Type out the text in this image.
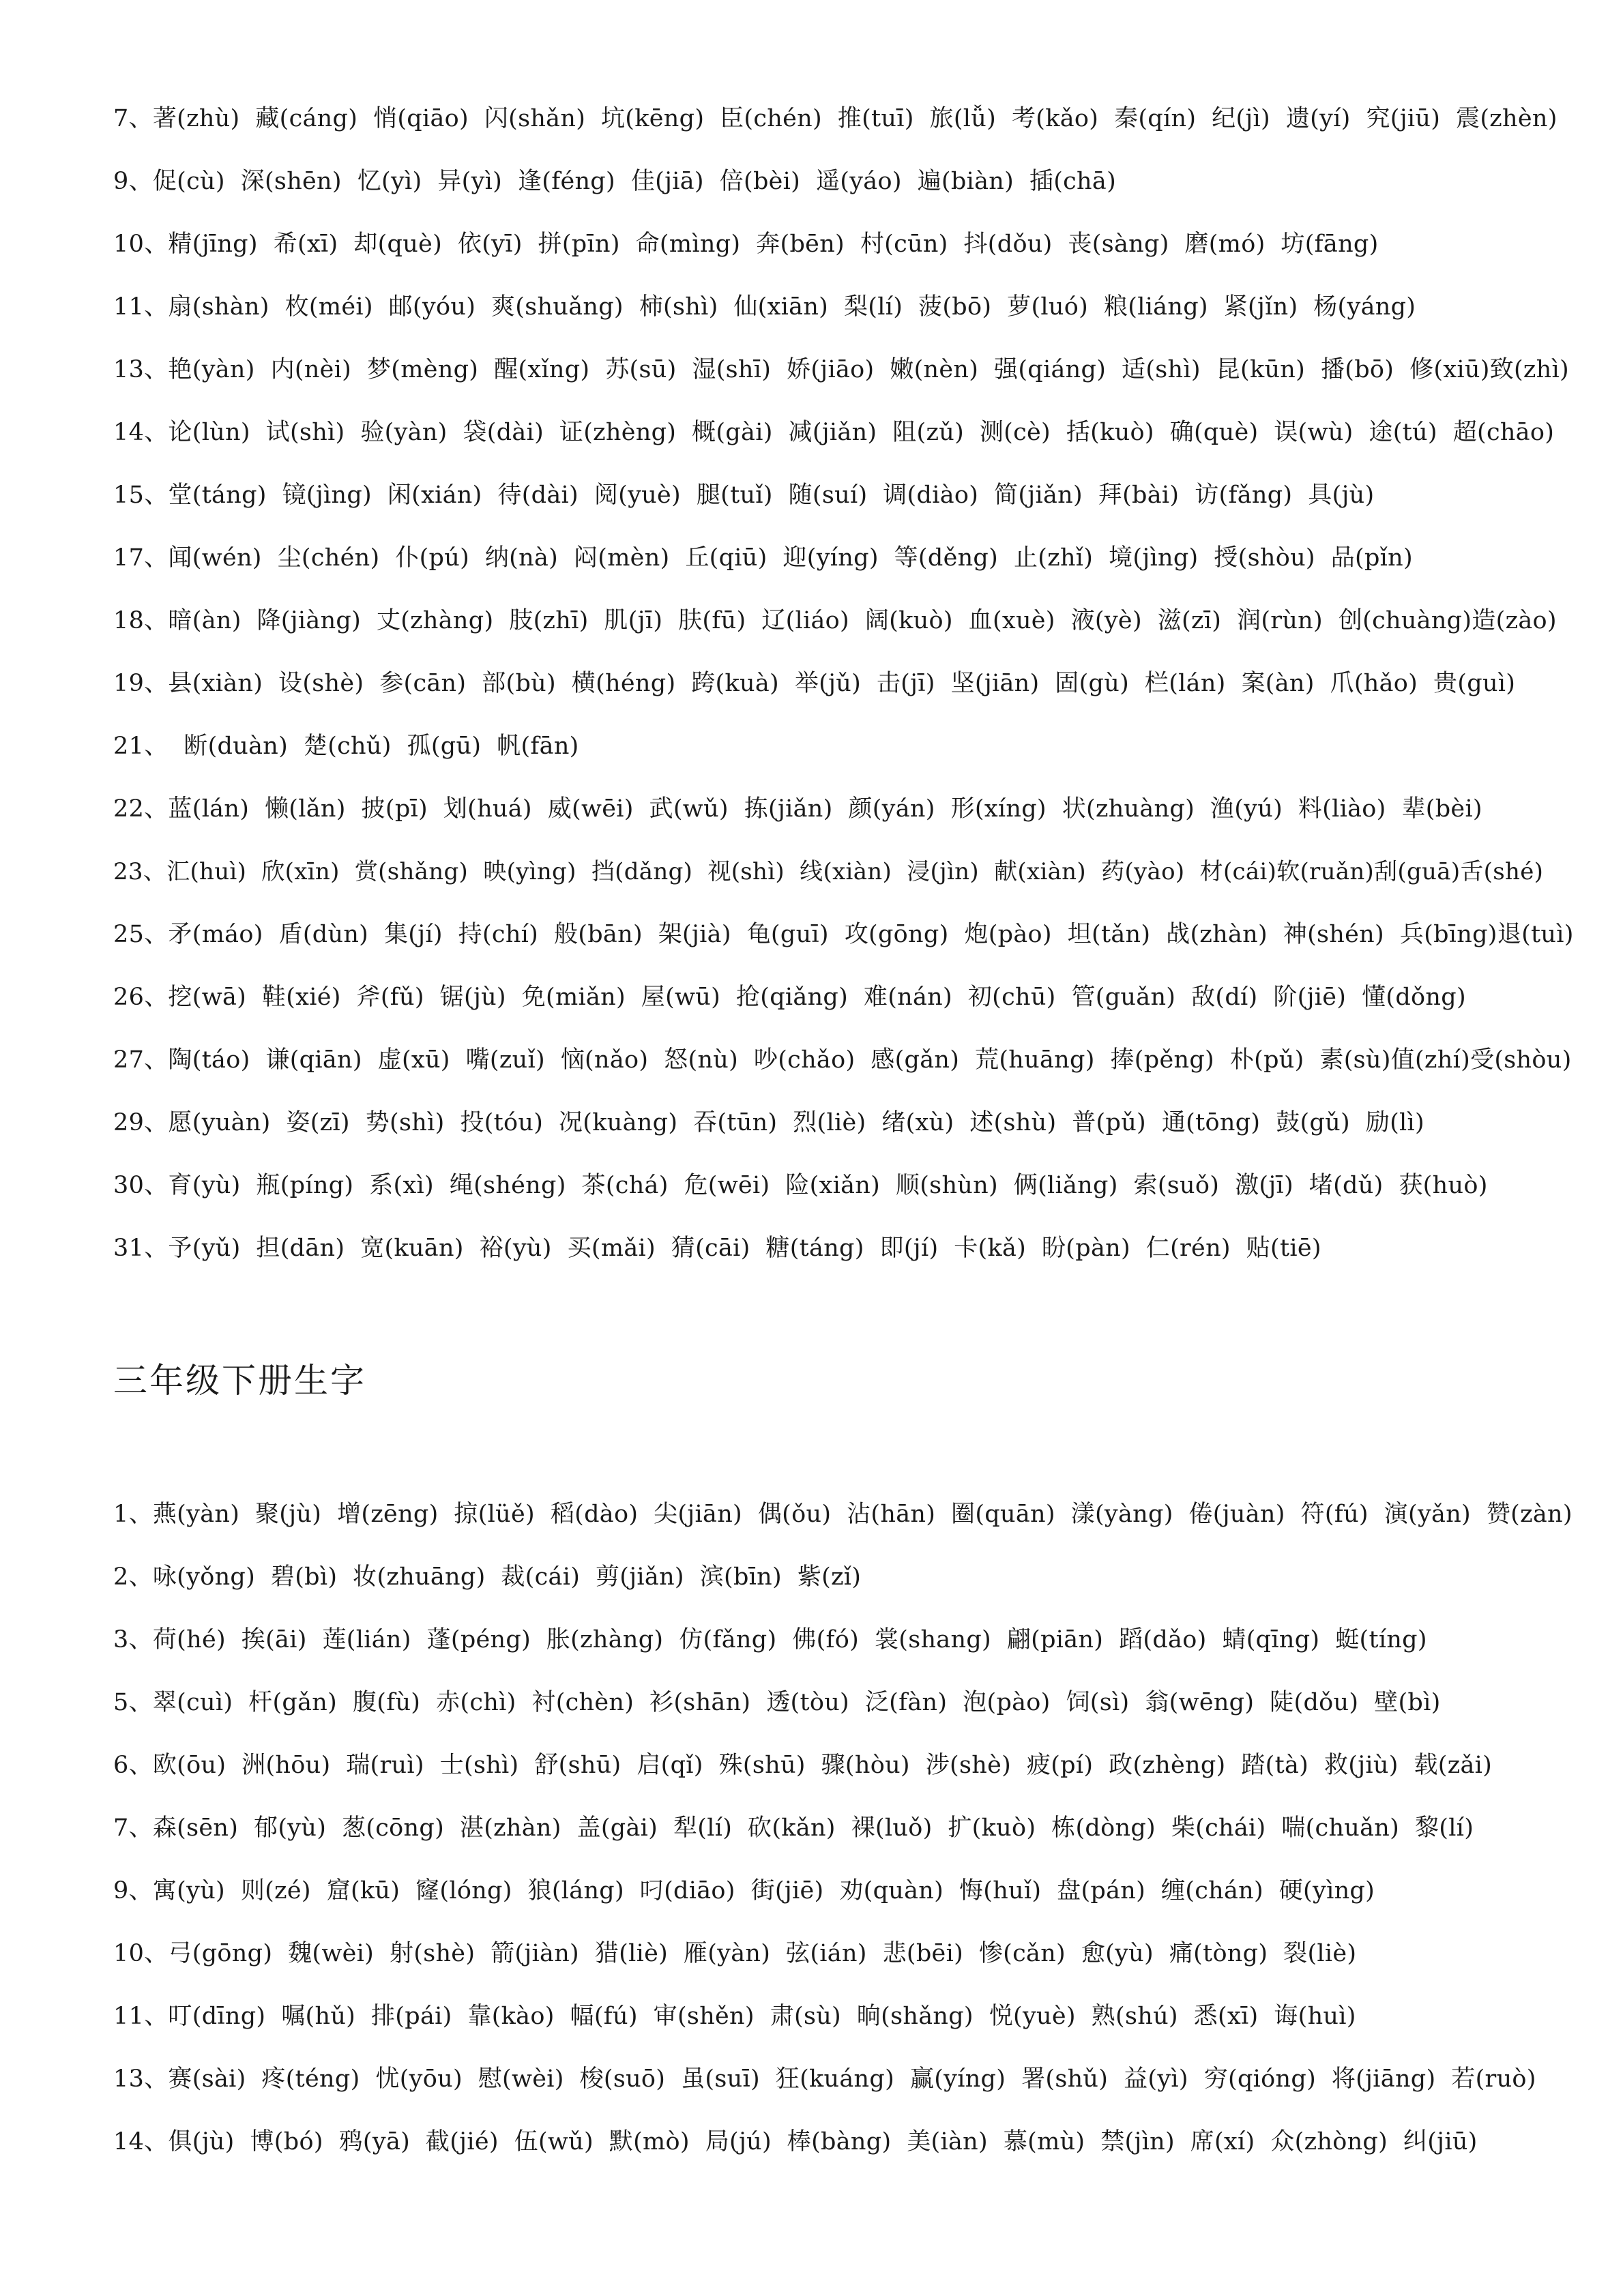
7、著(zhù)  藏(cáng)  悄(qiāo)  闪(shǎn)  坑(kēng)  臣(chén)  推(tuī)  旅(lǚ)  考(kǎo)  秦(qín)  纪(jì)  遗(yí)  究(jiū)  震(zhèn)
9、促(cù)  深(shēn)  忆(yì)  异(yì)  逢(féng)  佳(jiā)  倍(bèi)  遥(yáo)  遍(biàn)  插(chā)
10、精(jīng)  希(xī)  却(què)  依(yī)  拼(pīn)  命(mìng)  奔(bēn)  村(cūn)  抖(dǒu)  丧(sàng)  磨(mó)  坊(fāng)
11、扇(shàn)  枚(méi)  邮(yóu)  爽(shuǎng)  柿(shì)  仙(xiān)  梨(lí)  菠(bō)  萝(luó)  粮(liáng)  紧(jǐn)  杨(yáng)
13、艳(yàn)  内(nèi)  梦(mèng)  醒(xǐng)  苏(sū)  湿(shī)  娇(jiāo)  嫩(nèn)  强(qiáng)  适(shì)  昆(kūn)  播(bō)  修(xiū)致(zhì)
14、论(lùn)  试(shì)  验(yàn)  袋(dài)  证(zhèng)  概(gài)  减(jiǎn)  阻(zǔ)  测(cè)  括(kuò)  确(què)  误(wù)  途(tú)  超(chāo)
15、堂(táng)  镜(jìng)  闲(xián)  待(dài)  阅(yuè)  腿(tuǐ)  随(suí)  调(diào)  简(jiǎn)  拜(bài)  访(fǎng)  具(jù)
17、闻(wén)  尘(chén)  仆(pú)  纳(nà)  闷(mèn)  丘(qiū)  迎(yíng)  等(děng)  止(zhǐ)  境(jìng)  授(shòu)  品(pǐn)
18、暗(àn)  降(jiàng)  丈(zhàng)  肢(zhī)  肌(jī)  肤(fū)  辽(liáo)  阔(kuò)  血(xuè)  液(yè)  滋(zī)  润(rùn)  创(chuàng)造(zào)
19、县(xiàn)  设(shè)  参(cān)  部(bù)  横(héng)  跨(kuà)  举(jǔ)  击(jī)  坚(jiān)  固(gù)  栏(lán)  案(àn)  爪(hǎo)  贵(guì)
21、  断(duàn)  楚(chǔ)  孤(gū)  帆(fān)
22、蓝(lán)  懒(lǎn)  披(pī)  划(huá)  威(wēi)  武(wǔ)  拣(jiǎn)  颜(yán)  形(xíng)  状(zhuàng)  渔(yú)  料(liào)  辈(bèi)
23、汇(huì)  欣(xīn)  赏(shǎng)  映(yìng)  挡(dǎng)  视(shì)  线(xiàn)  浸(jìn)  献(xiàn)  药(yào)  材(cái)软(ruǎn)刮(guā)舌(shé)
25、矛(máo)  盾(dùn)  集(jí)  持(chí)  般(bān)  架(jià)  龟(guī)  攻(gōng)  炮(pào)  坦(tǎn)  战(zhàn)  神(shén)  兵(bīng)退(tuì)
26、挖(wā)  鞋(xié)  斧(fǔ)  锯(jù)  免(miǎn)  屋(wū)  抢(qiǎng)  难(nán)  初(chū)  管(guǎn)  敌(dí)  阶(jiē)  懂(dǒng)
27、陶(táo)  谦(qiān)  虚(xū)  嘴(zuǐ)  恼(nǎo)  怒(nù)  吵(chǎo)  感(gǎn)  荒(huāng)  捧(pěng)  朴(pǔ)  素(sù)值(zhí)受(shòu)
29、愿(yuàn)  姿(zī)  势(shì)  投(tóu)  况(kuàng)  吞(tūn)  烈(liè)  绪(xù)  述(shù)  普(pǔ)  通(tōng)  鼓(gǔ)  励(lì)
30、育(yù)  瓶(píng)  系(xì)  绳(shéng)  茶(chá)  危(wēi)  险(xiǎn)  顺(shùn)  俩(liǎng)  索(suǒ)  激(jī)  堵(dǔ)  获(huò)
31、予(yǔ)  担(dān)  宽(kuān)  裕(yù)  买(mǎi)  猜(cāi)  糖(táng)  即(jí)  卡(kǎ)  盼(pàn)  仁(rén)  贴(tiē)
三年级下册生字
1、燕(yàn)  聚(jù)  增(zēng)  掠(lüě)  稻(dào)  尖(jiān)  偶(ǒu)  沾(hān)  圈(quān)  漾(yàng)  倦(juàn)  符(fú)  演(yǎn)  赞(zàn)
2、咏(yǒng)  碧(bì)  妆(zhuāng)  裁(cái)  剪(jiǎn)  滨(bīn)  紫(zǐ)
3、荷(hé)  挨(āi)  莲(lián)  蓬(péng)  胀(zhàng)  仿(fǎng)  佛(fó)  裳(shang)  翩(piān)  蹈(dǎo)  蜻(qīng)  蜓(tíng)
5、翠(cuì)  杆(gǎn)  腹(fù)  赤(chì)  衬(chèn)  衫(shān)  透(tòu)  泛(fàn)  泡(pào)  饲(sì)  翁(wēng)  陡(dǒu)  壁(bì)
6、欧(ōu)  洲(hōu)  瑞(ruì)  士(shì)  舒(shū)  启(qǐ)  殊(shū)  骤(hòu)  涉(shè)  疲(pí)  政(zhèng)  踏(tà)  救(jiù)  载(zǎi)
7、森(sēn)  郁(yù)  葱(cōng)  湛(zhàn)  盖(gài)  犁(lí)  砍(kǎn)  裸(luǒ)  扩(kuò)  栋(dòng)  柴(chái)  喘(chuǎn)  黎(lí)
9、寓(yù)  则(zé)  窟(kū)  窿(lóng)  狼(láng)  叼(diāo)  街(jiē)  劝(quàn)  悔(huǐ)  盘(pán)  缠(chán)  硬(yìng)
10、弓(gōng)  魏(wèi)  射(shè)  箭(jiàn)  猎(liè)  雁(yàn)  弦(ián)  悲(bēi)  惨(cǎn)  愈(yù)  痛(tòng)  裂(liè)
11、叮(dīng)  嘱(hǔ)  排(pái)  靠(kào)  幅(fú)  审(shěn)  肃(sù)  晌(shǎng)  悦(yuè)  熟(shú)  悉(xī)  诲(huì)
13、赛(sài)  疼(téng)  忧(yōu)  慰(wèi)  梭(suō)  虽(suī)  狂(kuáng)  赢(yíng)  署(shǔ)  益(yì)  穷(qióng)  将(jiāng)  若(ruò)
14、俱(jù)  博(bó)  鸦(yā)  截(jié)  伍(wǔ)  默(mò)  局(jú)  棒(bàng)  美(iàn)  慕(mù)  禁(jìn)  席(xí)  众(zhòng)  纠(jiū)
